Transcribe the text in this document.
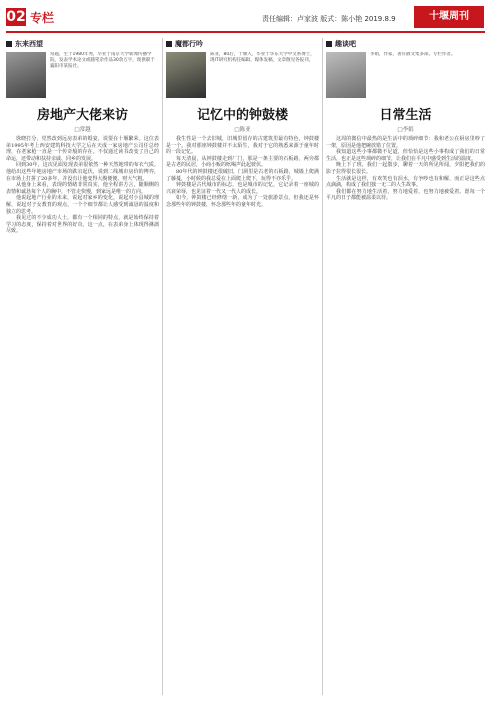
02 专栏	责任编辑：卢家波 版式：陈小艳 2019.8.9	十堰周刊
东来西望
常越，生于1980年秀，毕业于南京大学新闻传播学院，发表学术论文或随笔杂作品30余万字，现供职于襄阳市某报社。
房地产大佬来访
□常越

徐晓打分，党然改到远房表弟的婚宴，说要在十堰繁荣。这位表弟1995年考上西安建筑科技大学之后在天成一家房地产公司任总经理，在老家枪一直是一个传奇般的存在。不仅通过读书改变了自己的命运，还带动和扶持亲戚、同乡的发展。

回到30年，这次见面发现表弟很依然一种天然地带的布衣气质。他给出这些年地房地产市场的跌宕起伏，说到二线城市房价的博弈，在市场上打拼了20多年，并没有让他变得大腹便便、财大气粗。

从他身上来看，表现的情绪非常真实，他全程讲方言，随顺侧的表情和诚恳每个人的胸中，不管走快慢，到家远是唯一的方向。

他说起地产行业的未来，说起对家乡的变化，说起对小县城的理解，说起对子女教育的观点，一个个细节都让人感受到诚恳的温度和独立的思考。

我见过的不少成功人士，都有一个相同的特点，就是始终保持着学习的态度，保持着对世界的好奇。这一点，在表弟身上体现得淋漓尽致。

魔都行吟
陈亚，80后，十堰人，毕业于华东大学中文系博士，现IT研究机构任编辑、媒体发稿，文章散见各报刊。
记忆中的钟鼓楼
□陈亚

我生性是一个去旧城，旧城里留存的古建筑里最有特色，钟鼓楼是一个。我对那座钟鼓楼并不太陌生，我对于它的熟悉来源于童年时的一段记忆。

每天清晨，从钟鼓楼走到厂门，那是一条主要的石板路，两旁都是古老的民居，小商小贩的吆喝声此起彼伏。

80年代的钟鼓楼还很破旧，门洞里是古老的石板路，城墙上爬满了藤蔓，小时候的我总爱在上面爬上爬下，玩得不亦乐乎。

钟鼓楼是古代城市的标志，也是城市的记忆，它记录着一座城的兴衰荣辱，也见证着一代又一代人的成长。

如今，钟鼓楼已经修缮一新，成为了一处旅游景点，但我还是怀念那些年的钟鼓楼，怀念那些年的童年时光。

趣谈吧
李娟，作家，著有散文集多部，专栏作者。
日常生活
□李娟

这周的微信中最热的是生活中的琐碎细节：我和老公在厨房里吵了一架，原因是他把碗放错了位置。

我知道这些小事都微不足道，但恰恰是这些小事构成了我们的日常生活，也正是这些琐碎的细节，让我们在平凡中感受到生活的温度。

晚上下了班，我们一起散步，聊着一天的所见所闻，夕阳把我们的影子拉得很长很长。

生活就是这样，有欢笑也有泪水，有争吵也有和解，而正是这些点点滴滴，构成了我们独一无二的人生故事。

我们都在努力地生活着，努力地爱着，也努力地被爱着。愿每一个平凡的日子都能被温柔以待。
